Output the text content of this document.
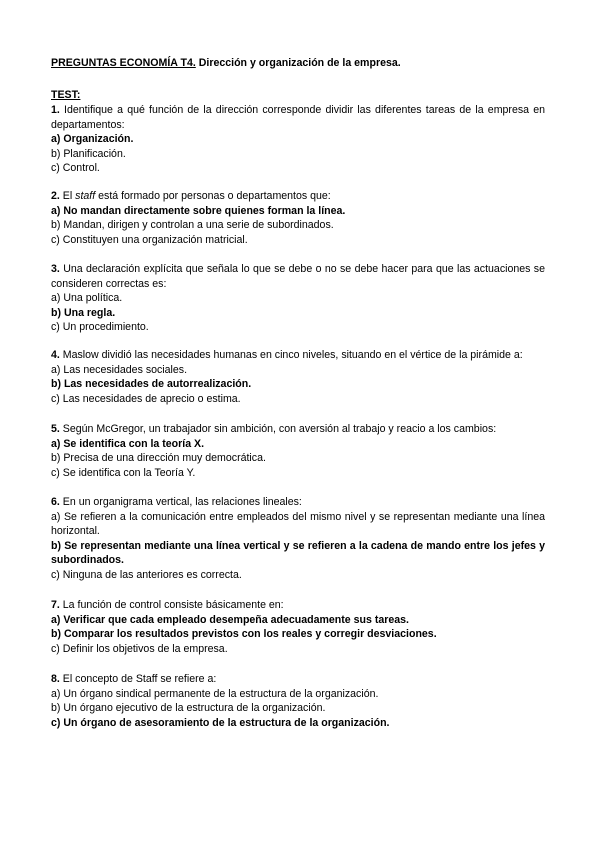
PREGUNTAS ECONOMÍA T4. Dirección y organización de la empresa.
TEST:
1. Identifique a qué función de la dirección corresponde dividir las diferentes tareas de la empresa en departamentos:
a) Organización.
b) Planificación.
c) Control.
2. El staff está formado por personas o departamentos que:
a) No mandan directamente sobre quienes forman la línea.
b) Mandan, dirigen y controlan a una serie de subordinados.
c) Constituyen una organización matricial.
3. Una declaración explícita que señala lo que se debe o no se debe hacer para que las actuaciones se consideren correctas es:
a) Una política.
b) Una regla.
c) Un procedimiento.
4. Maslow dividió las necesidades humanas en cinco niveles, situando en el vértice de la pirámide a:
a) Las necesidades sociales.
b) Las necesidades de autorrealización.
c) Las necesidades de aprecio o estima.
5. Según McGregor, un trabajador sin ambición, con aversión al trabajo y reacio a los cambios:
a) Se identifica con la teoría X.
b) Precisa de una dirección muy democrática.
c) Se identifica con la Teoría Y.
6. En un organigrama vertical, las relaciones lineales:
a) Se refieren a la comunicación entre empleados del mismo nivel y se representan mediante una línea horizontal.
b) Se representan mediante una línea vertical y se refieren a la cadena de mando entre los jefes y subordinados.
c) Ninguna de las anteriores es correcta.
7. La función de control consiste básicamente en:
a) Verificar que cada empleado desempeña adecuadamente sus tareas.
b) Comparar los resultados previstos con los reales y corregir desviaciones.
c) Definir los objetivos de la empresa.
8. El concepto de Staff se refiere a:
a) Un órgano sindical permanente de la estructura de la organización.
b) Un órgano ejecutivo de la estructura de la organización.
c) Un órgano de asesoramiento de la estructura de la organización.
